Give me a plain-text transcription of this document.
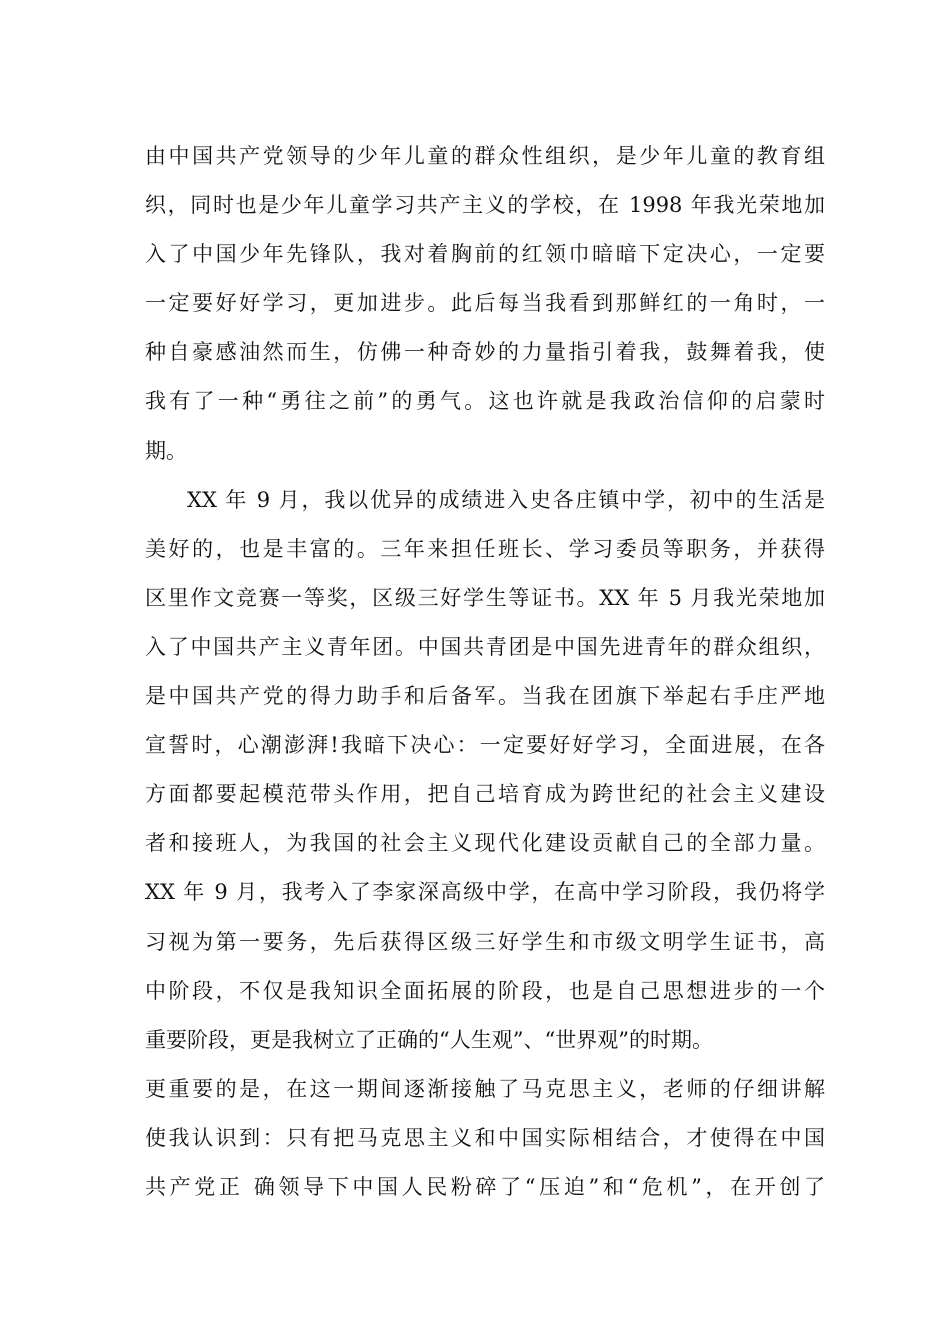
由中国共产党领导的少年儿童的群众性组织，是少年儿童的教育组
织，同时也是少年儿童学习共产主义的学校，在 1998 年我光荣地加
入了中国少年先锋队，我对着胸前的红领巾暗暗下定决心，一定要
一定要好好学习，更加进步。此后每当我看到那鲜红的一角时，一
种自豪感油然而生，仿佛一种奇妙的力量指引着我，鼓舞着我，使
我有了一种“勇往之前”的勇气。这也许就是我政治信仰的启蒙时
期。
XX 年 9 月，我以优异的成绩进入史各庄镇中学，初中的生活是
美好的，也是丰富的。三年来担任班长、学习委员等职务，并获得
区里作文竞赛一等奖，区级三好学生等证书。XX 年 5 月我光荣地加
入了中国共产主义青年团。中国共青团是中国先进青年的群众组织，
是中国共产党的得力助手和后备军。当我在团旗下举起右手庄严地
宣誓时，心潮澎湃!我暗下决心：一定要好好学习，全面进展，在各
方面都要起模范带头作用，把自己培育成为跨世纪的社会主义建设
者和接班人，为我国的社会主义现代化建设贡献自己的全部力量。
XX 年 9 月，我考入了李家深高级中学，在高中学习阶段，我仍将学
习视为第一要务，先后获得区级三好学生和市级文明学生证书，高
中阶段，不仅是我知识全面拓展的阶段，也是自己思想进步的一个
重要阶段，更是我树立了正确的“人生观”、“世界观”的时期。
更重要的是，在这一期间逐渐接触了马克思主义，老师的仔细讲解
使我认识到：只有把马克思主义和中国实际相结合，才使得在中国
共产党正 确领导下中国人民粉碎了“压迫”和“危机”，在开创了
